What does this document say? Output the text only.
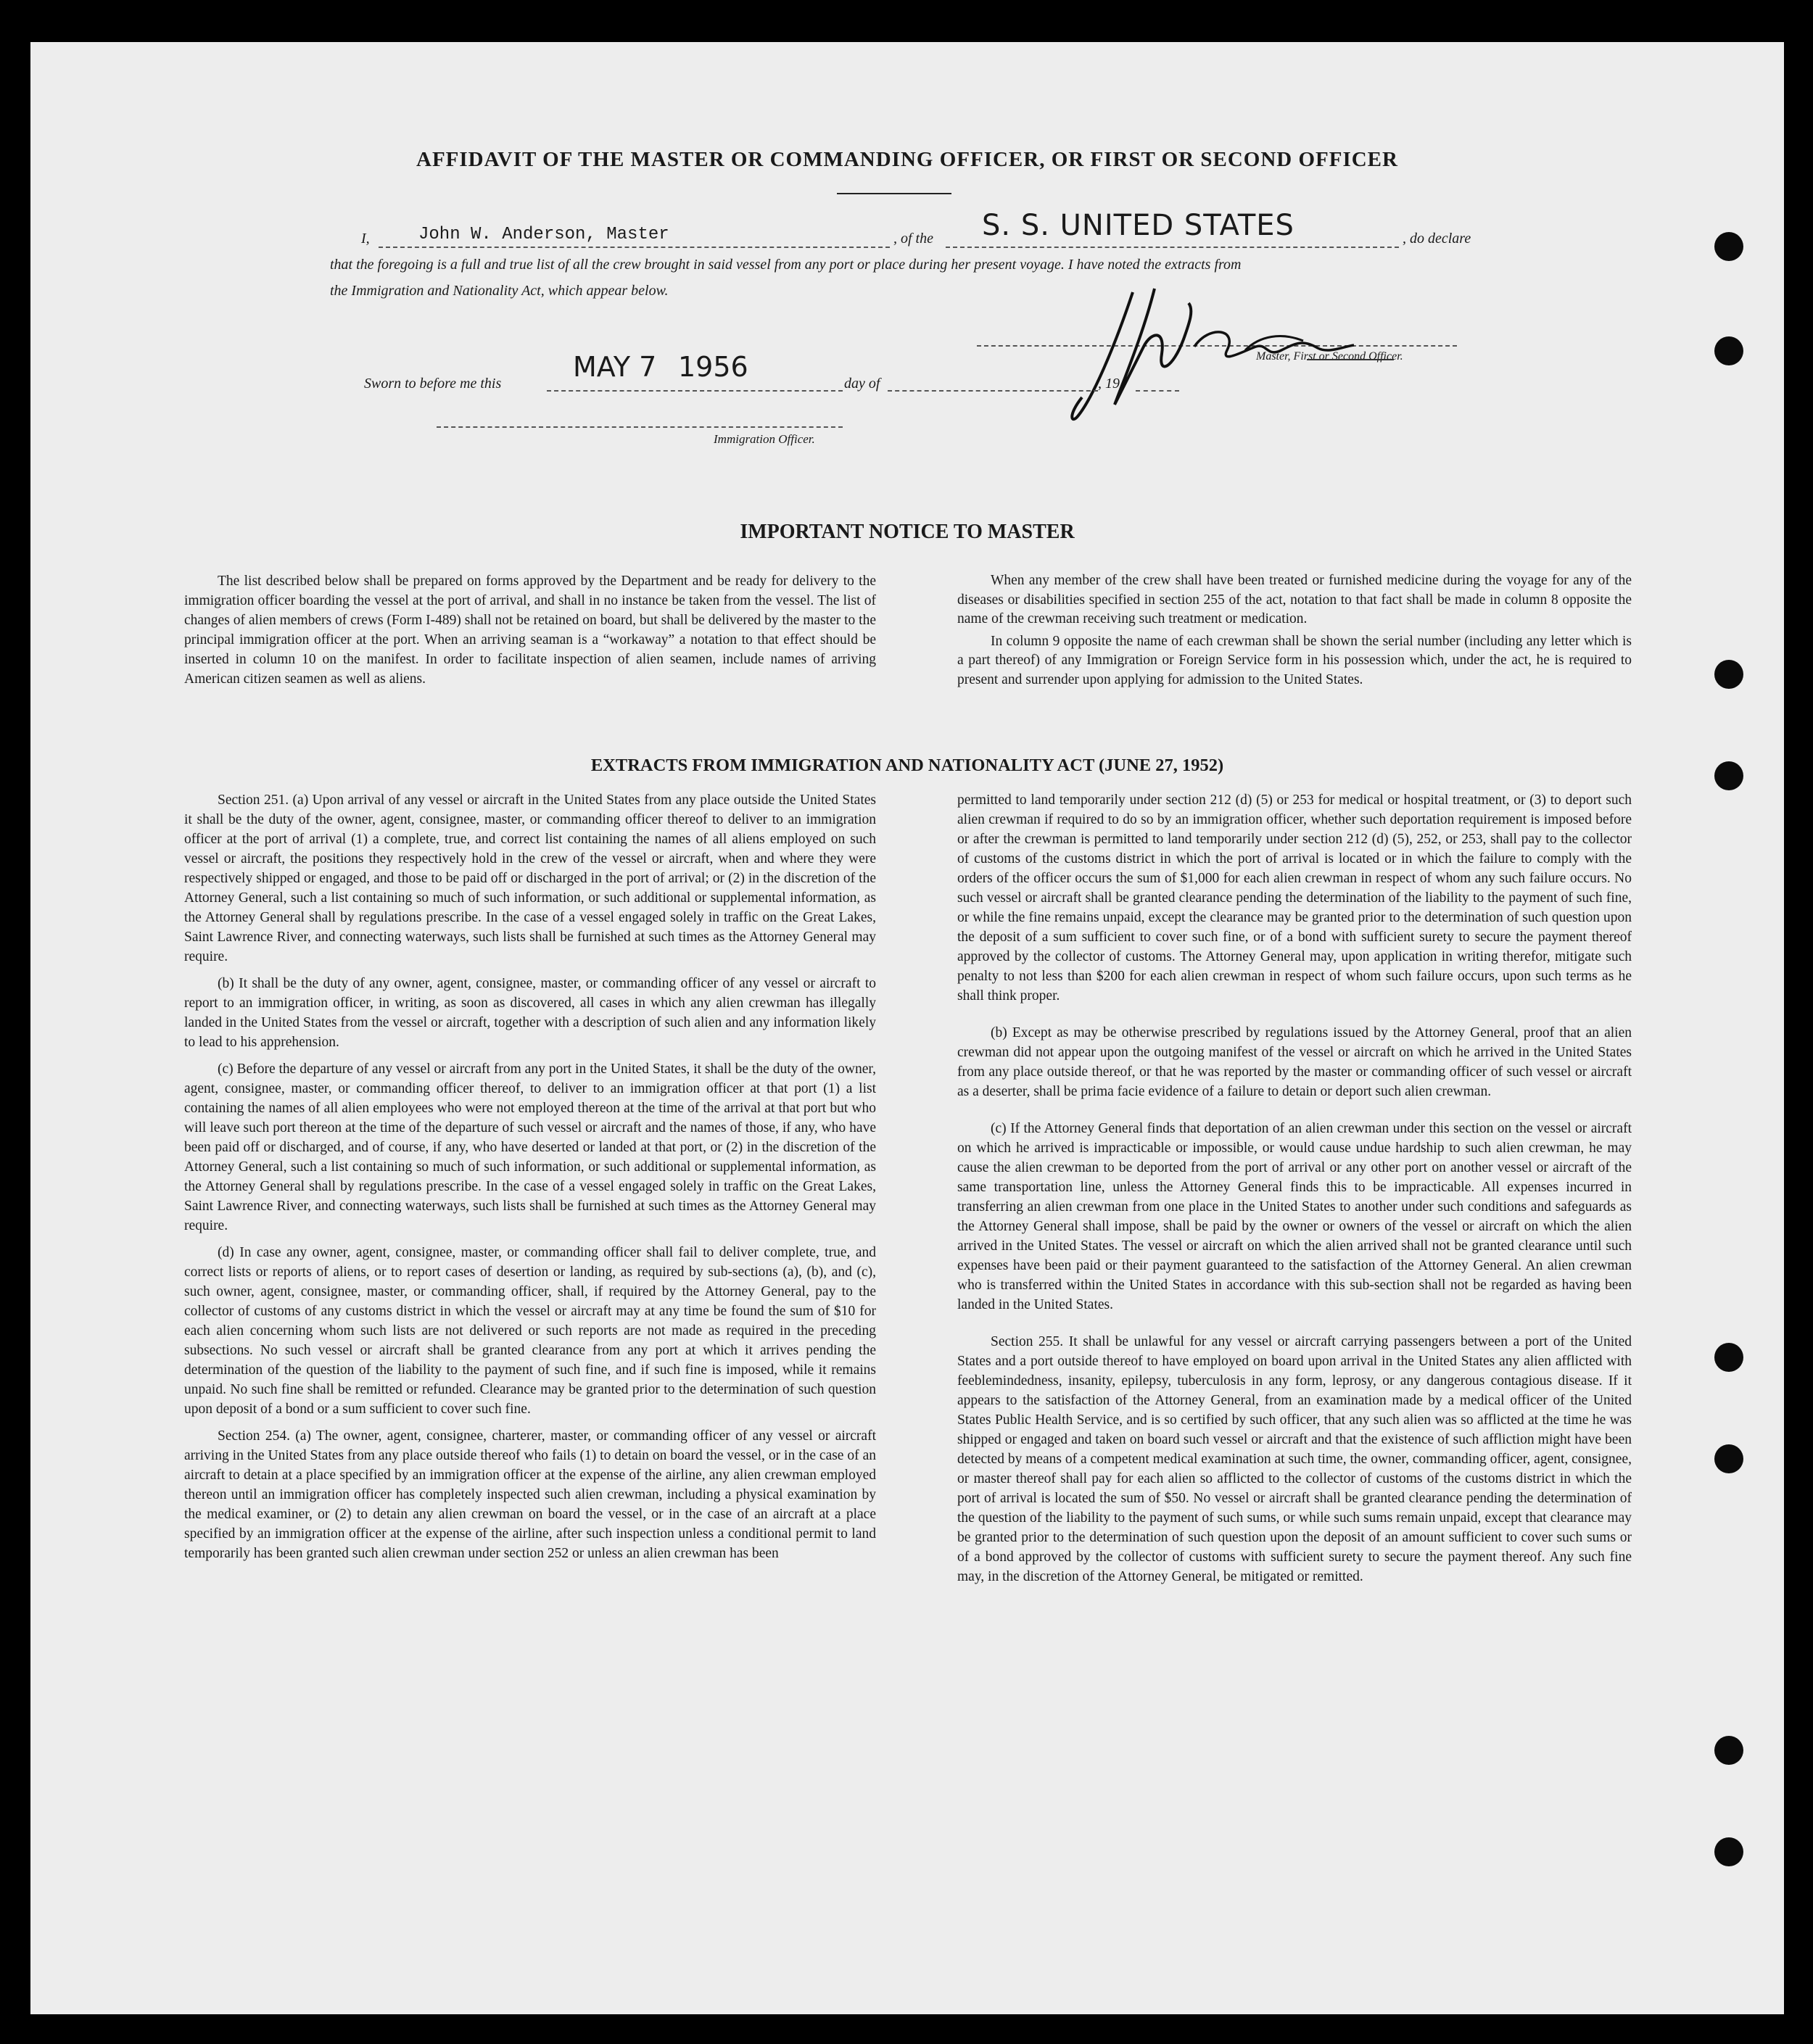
AFFIDAVIT OF THE MASTER OR COMMANDING OFFICER, OR FIRST OR SECOND OFFICER
I,	John W. Anderson, Master	, of the S. S. UNITED STATES	, do declare
that the foregoing is a full and true list of all the crew brought in said vessel from any port or place during her present voyage. I have noted the extracts from
the Immigration and Nationality Act, which appear below.
Master, First or Second Officer.
Sworn to before me this
MAY 7 1956
day of	, 19
Immigration Officer.
IMPORTANT NOTICE TO MASTER

The list described below shall be prepared on forms approved by the Department and be ready for delivery to the immigration officer boarding the vessel at the port of arrival, and shall in no instance be taken from the vessel. The list of changes of alien members of crews (Form I-489) shall not be retained on board, but shall be delivered by the master to the principal immigration officer at the port. When an arriving seaman is a “workaway” a notation to that effect should be inserted in column 10 on the manifest. In order to facilitate inspection of alien seamen, include names of arriving American citizen seamen as well as aliens.

When any member of the crew shall have been treated or furnished medicine during the voyage for any of the diseases or disabilities specified in section 255 of the act, notation to that fact shall be made in column 8 opposite the name of the crewman receiving such treatment or medication.

In column 9 opposite the name of each crewman shall be shown the serial number (including any letter which is a part thereof) of any Immigration or Foreign Service form in his possession which, under the act, he is required to present and surrender upon applying for admission to the United States.

EXTRACTS FROM IMMIGRATION AND NATIONALITY ACT (JUNE 27, 1952)

Section 251. (a) Upon arrival of any vessel or aircraft in the United States from any place outside the United States it shall be the duty of the owner, agent, consignee, master, or commanding officer thereof to deliver to an immigration officer at the port of arrival (1) a complete, true, and correct list containing the names of all aliens employed on such vessel or aircraft, the positions they respectively hold in the crew of the vessel or aircraft, when and where they were respectively shipped or engaged, and those to be paid off or discharged in the port of arrival; or (2) in the discretion of the Attorney General, such a list containing so much of such information, or such additional or supplemental information, as the Attorney General shall by regulations prescribe. In the case of a vessel engaged solely in traffic on the Great Lakes, Saint Lawrence River, and connecting waterways, such lists shall be furnished at such times as the Attorney General may require.

(b) It shall be the duty of any owner, agent, consignee, master, or commanding officer of any vessel or aircraft to report to an immigration officer, in writing, as soon as discovered, all cases in which any alien crewman has illegally landed in the United States from the vessel or aircraft, together with a description of such alien and any information likely to lead to his apprehension.

(c) Before the departure of any vessel or aircraft from any port in the United States, it shall be the duty of the owner, agent, consignee, master, or commanding officer thereof, to deliver to an immigration officer at that port (1) a list containing the names of all alien employees who were not employed thereon at the time of the arrival at that port but who will leave such port thereon at the time of the departure of such vessel or aircraft and the names of those, if any, who have been paid off or discharged, and of course, if any, who have deserted or landed at that port, or (2) in the discretion of the Attorney General, such a list containing so much of such information, or such additional or supplemental information, as the Attorney General shall by regulations prescribe. In the case of a vessel engaged solely in traffic on the Great Lakes, Saint Lawrence River, and connecting waterways, such lists shall be furnished at such times as the Attorney General may require.

(d) In case any owner, agent, consignee, master, or commanding officer shall fail to deliver complete, true, and correct lists or reports of aliens, or to report cases of desertion or landing, as required by sub-sections (a), (b), and (c), such owner, agent, consignee, master, or commanding officer, shall, if required by the Attorney General, pay to the collector of customs of any customs district in which the vessel or aircraft may at any time be found the sum of $10 for each alien concerning whom such lists are not delivered or such reports are not made as required in the preceding subsections. No such vessel or aircraft shall be granted clearance from any port at which it arrives pending the determination of the question of the liability to the payment of such fine, and if such fine is imposed, while it remains unpaid. No such fine shall be remitted or refunded. Clearance may be granted prior to the determination of such question upon deposit of a bond or a sum sufficient to cover such fine.

Section 254. (a) The owner, agent, consignee, charterer, master, or commanding officer of any vessel or aircraft arriving in the United States from any place outside thereof who fails (1) to detain on board the vessel, or in the case of an aircraft to detain at a place specified by an immigration officer at the expense of the airline, any alien crewman employed thereon until an immigration officer has completely inspected such alien crewman, including a physical examination by the medical examiner, or (2) to detain any alien crewman on board the vessel, or in the case of an aircraft at a place specified by an immigration officer at the expense of the airline, after such inspection unless a conditional permit to land temporarily has been granted such alien crewman under section 252 or unless an alien crewman has been

permitted to land temporarily under section 212 (d) (5) or 253 for medical or hospital treatment, or (3) to deport such alien crewman if required to do so by an immigration officer, whether such deportation requirement is imposed before or after the crewman is permitted to land temporarily under section 212 (d) (5), 252, or 253, shall pay to the collector of customs of the customs district in which the port of arrival is located or in which the failure to comply with the orders of the officer occurs the sum of $1,000 for each alien crewman in respect of whom any such failure occurs. No such vessel or aircraft shall be granted clearance pending the determination of the liability to the payment of such fine, or while the fine remains unpaid, except the clearance may be granted prior to the determination of such question upon the deposit of a sum sufficient to cover such fine, or of a bond with sufficient surety to secure the payment thereof approved by the collector of customs. The Attorney General may, upon application in writing therefor, mitigate such penalty to not less than $200 for each alien crewman in respect of whom such failure occurs, upon such terms as he shall think proper.

(b) Except as may be otherwise prescribed by regulations issued by the Attorney General, proof that an alien crewman did not appear upon the outgoing manifest of the vessel or aircraft on which he arrived in the United States from any place outside thereof, or that he was reported by the master or commanding officer of such vessel or aircraft as a deserter, shall be prima facie evidence of a failure to detain or deport such alien crewman.

(c) If the Attorney General finds that deportation of an alien crewman under this section on the vessel or aircraft on which he arrived is impracticable or impossible, or would cause undue hardship to such alien crewman, he may cause the alien crewman to be deported from the port of arrival or any other port on another vessel or aircraft of the same transportation line, unless the Attorney General finds this to be impracticable. All expenses incurred in transferring an alien crewman from one place in the United States to another under such conditions and safeguards as the Attorney General shall impose, shall be paid by the owner or owners of the vessel or aircraft on which the alien arrived in the United States. The vessel or aircraft on which the alien arrived shall not be granted clearance until such expenses have been paid or their payment guaranteed to the satisfaction of the Attorney General. An alien crewman who is transferred within the United States in accordance with this sub-section shall not be regarded as having been landed in the United States.

Section 255. It shall be unlawful for any vessel or aircraft carrying passengers between a port of the United States and a port outside thereof to have employed on board upon arrival in the United States any alien afflicted with feeblemindedness, insanity, epilepsy, tuberculosis in any form, leprosy, or any dangerous contagious disease. If it appears to the satisfaction of the Attorney General, from an examination made by a medical officer of the United States Public Health Service, and is so certified by such officer, that any such alien was so afflicted at the time he was shipped or engaged and taken on board such vessel or aircraft and that the existence of such affliction might have been detected by means of a competent medical examination at such time, the owner, commanding officer, agent, consignee, or master thereof shall pay for each alien so afflicted to the collector of customs of the customs district in which the port of arrival is located the sum of $50. No vessel or aircraft shall be granted clearance pending the determination of the question of the liability to the payment of such sums, or while such sums remain unpaid, except that clearance may be granted prior to the determination of such question upon the deposit of an amount sufficient to cover such sums or of a bond approved by the collector of customs with sufficient surety to secure the payment thereof. Any such fine may, in the discretion of the Attorney General, be mitigated or remitted.
